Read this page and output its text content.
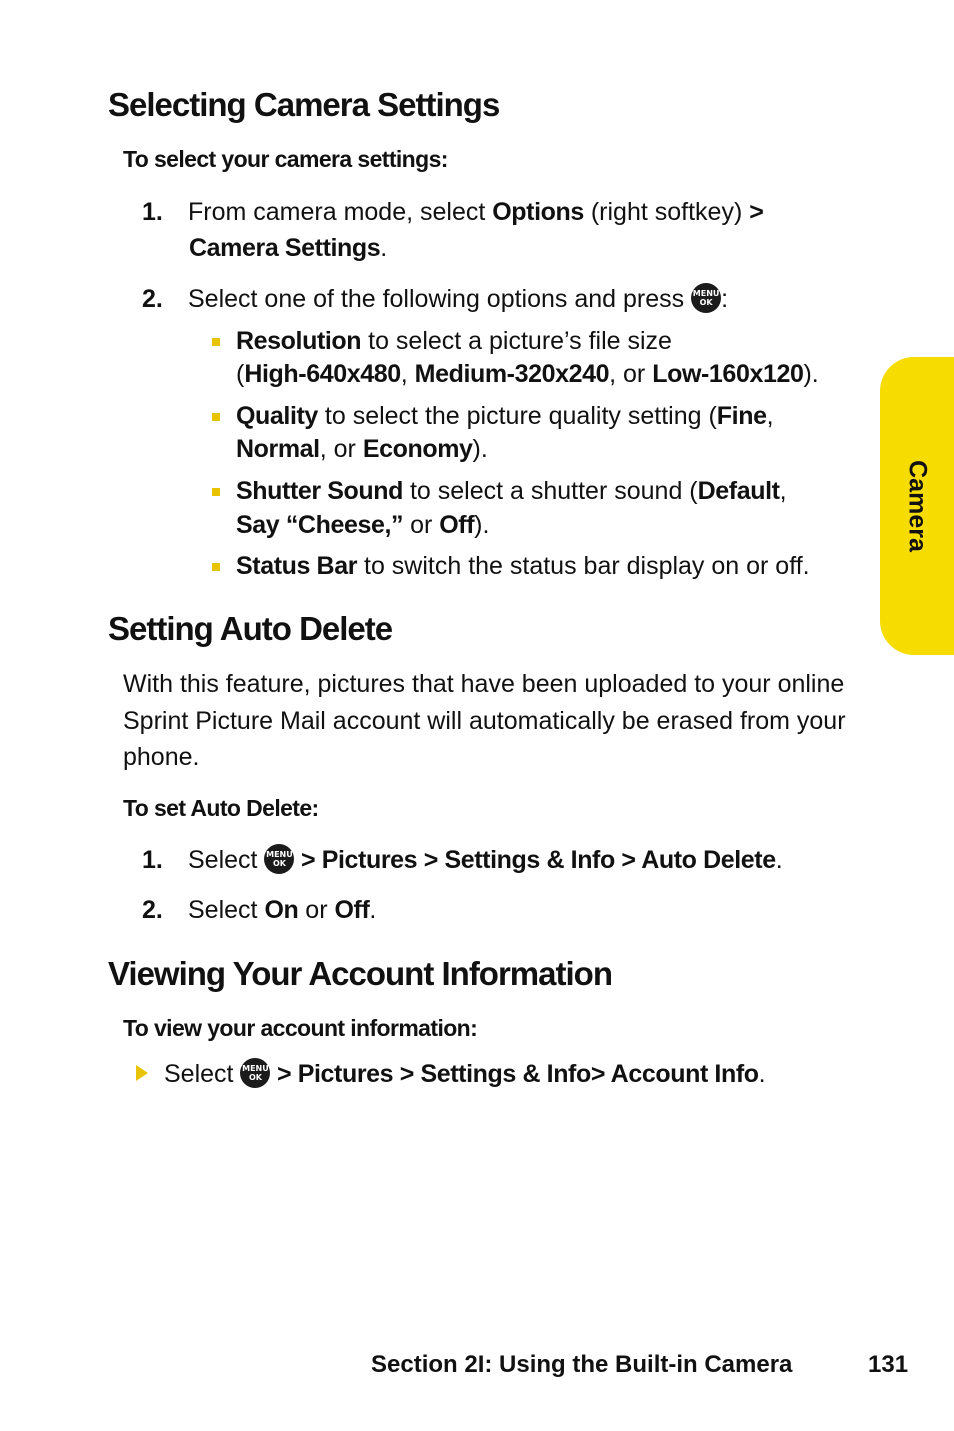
Camera
Selecting Camera Settings
To select your camera settings:
1. From camera mode, select Options (right softkey) >
Camera Settings.
2. Select one of the following options and press MENU
OK :
Resolution to select a picture’s file size
(High-640x480, Medium-320x240, or Low-160x120).
Quality to select the picture quality setting (Fine,
Normal, or Economy).
Shutter Sound to select a shutter sound (Default,
Say “Cheese,” or Off).
Status Bar to switch the status bar display on or off.
Setting Auto Delete
With this feature, pictures that have been uploaded to your online Sprint Picture Mail account will automatically be erased from your phone.
To set Auto Delete:
1. Select MENU
OK > Pictures > Settings & Info > Auto Delete.
2. Select On or Off.
Viewing Your Account Information
To view your account information:
Select MENU
OK > Pictures > Settings & Info> Account Info.
Section 2I: Using the Built-in Camera	131
